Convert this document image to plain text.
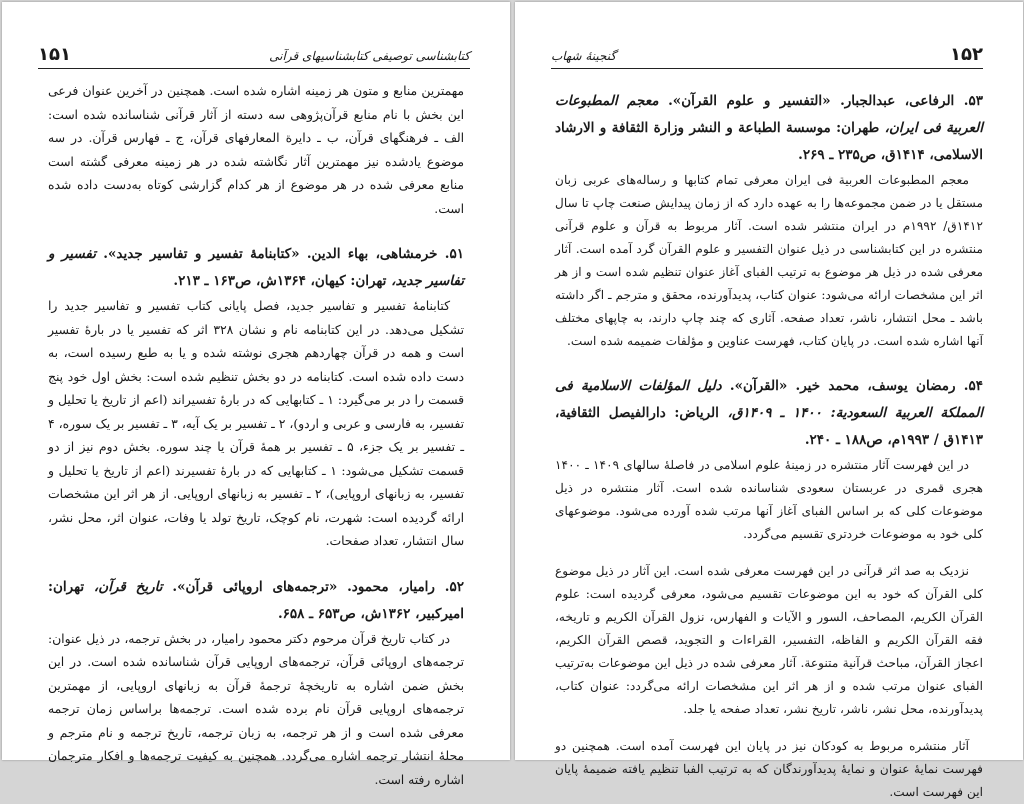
۱۵۱	کتابشناسی توصیفی کتابشناسیهای قرآنی

مهمترین منابع و متون هر زمینه اشاره شده است. همچنین در آخرین عنوان فرعی این بخش با نام منابع قرآن‌پژوهی سه دسته از آثار قرآنی شناسانده شده است: الف ـ فرهنگهای قرآن، ب ـ دایرة المعارفهای قرآن، ج ـ فهارس قرآن. در سه موضوع یادشده نیز مهمترین آثار نگاشته شده در هر زمینه معرفی گشته است منابع معرفی شده در هر موضوع از هر کدام گزارشی کوتاه به‌دست داده شده است.

۵۱. خرمشاهی، بهاء الدین. «کتابنامهٔ تفسیر و تفاسیر جدید». تفسیر و تفاسیر جدید، تهران: کیهان، ۱۳۶۴ش، ص۱۶۳ ـ ۲۱۳.

کتابنامهٔ تفسیر و تفاسیر جدید، فصل پایانی کتاب تفسیر و تفاسیر جدید را تشکیل می‌دهد. در این کتابنامه نام و نشان ۳۲۸ اثر که تفسیر یا در بارهٔ تفسیر است و همه در قرآن چهاردهم هجری نوشته شده و یا به طبع رسیده است، به دست داده شده است. کتابنامه در دو بخش تنظیم شده است: بخش اول خود پنج قسمت را در بر می‌گیرد: ۱ ـ کتابهایی که در بارهٔ تفسیراند (اعم از تاریخ یا تحلیل و تفسیر، به فارسی و عربی و اردو)، ۲ ـ تفسیر بر یک آیه، ۳ ـ تفسیر بر یک سوره، ۴ ـ تفسیر بر یک جزء، ۵ ـ تفسیر بر همهٔ قرآن یا چند سوره. بخش دوم نیز از دو قسمت تشکیل می‌شود: ۱ ـ کتابهایی که در بارهٔ تفسیرند (اعم از تاریخ یا تحلیل و تفسیر، به زبانهای اروپایی)، ۲ ـ تفسیر به زبانهای اروپایی. از هر اثر این مشخصات ارائه گردیده است: شهرت، نام کوچک، تاریخ تولد یا وفات، عنوان اثر، محل نشر، سال انتشار، تعداد صفحات.

۵۲. رامیار، محمود. «ترجمه‌های اروپائی قرآن». تاریخ قرآن، تهران: امیرکبیر، ۱۳۶۲ش، ص۶۵۳ ـ ۶۵۸.

در کتاب تاریخ قرآن مرحوم دکتر محمود رامیار، در بخش ترجمه، در ذیل عنوان: ترجمه‌های اروپائی قرآن، ترجمه‌های اروپایی قرآن شناسانده شده است. در این بخش ضمن اشاره به تاریخچهٔ ترجمهٔ قرآن به زبانهای اروپایی، از مهمترین ترجمه‌های اروپایی قرآن نام برده شده است. ترجمه‌ها براساس زمان ترجمه معرفی شده است و از هر ترجمه، به زبان ترجمه، تاریخ ترجمه و نام مترجم و محلهٔ انتشار ترجمه اشاره می‌گردد. همچنین به کیفیت ترجمه‌ها و افکار مترجمان اشاره رفته است.

گنجینهٔ شهاب	۱۵۲

۵۳. الرفاعی، عبدالجبار. «التفسیر و علوم القرآن». معجم المطبوعات العربیة فی ایران، طهران: موسسة الطباعة و النشر وزارة الثقافة و الارشاد الاسلامی، ۱۴۱۴ق، ص۲۳۵ ـ ۲۶۹.

معجم المطبوعات العربیة فی ایران معرفی تمام کتابها و رساله‌های عربی زبان مستقل یا در ضمن مجموعه‌ها را به عهده دارد که از زمان پیدایش صنعت چاپ تا سال ۱۴۱۲ق/ ۱۹۹۲م در ایران منتشر شده است. آثار مربوط به قرآن و علوم قرآنی منتشره در این کتابشناسی در ذیل عنوان التفسیر و علوم القرآن گرد آمده است. آثار معرفی شده در ذیل هر موضوع به ترتیب الفبای آغاز عنوان تنظیم شده است و از هر اثر این مشخصات ارائه می‌شود: عنوان کتاب، پدیدآورنده، محقق و مترجم ـ اگر داشته باشد ـ محل انتشار، ناشر، تعداد صفحه. آثاری که چند چاپ دارند، به چاپهای مختلف آنها اشاره شده است. در پایان کتاب، فهرست عناوین و مؤلفات ضمیمه شده است.

۵۴. رمضان یوسف، محمد خیر. «القرآن». دلیل المؤلفات الاسلامیة فی المملکة العربیة السعودیة: ۱۴۰۰ ـ ۱۴۰۹ق، الریاض: دارالفیصل الثقافیة، ۱۴۱۳ق / ۱۹۹۳م، ص۱۸۸ ـ ۲۴۰.

در این فهرست آثار منتشره در زمینهٔ علوم اسلامی در فاصلهٔ سالهای ۱۴۰۹ ـ ۱۴۰۰ هجری قمری در عربستان سعودی شناسانده شده است. آثار منتشره در ذیل موضوعات کلی که بر اساس الفبای آغاز آنها مرتب شده آورده می‌شود. موضوعهای کلی خود به موضوعات خردتری تقسیم می‌گردد.

نزدیک به صد اثر قرآنی در این فهرست معرفی شده است. این آثار در ذیل موضوع کلی القرآن که خود به این موضوعات تقسیم می‌شود، معرفی گردیده است: علوم القرآن الکریم، المصاحف، السور و الآیات و الفهارس، نزول القرآن الکریم و تاریخه، فقه القرآن الکریم و الفاظه، التفسیر، القراءات و التجوید، قصص القرآن الکریم، اعجاز القرآن، مباحث قرآنیة متنوعة. آثار معرفی شده در ذیل این موضوعات به‌ترتیب الفبای عنوان مرتب شده و از هر اثر این مشخصات ارائه می‌گردد: عنوان کتاب، پدیدآورنده، محل نشر، ناشر، تاریخ نشر، تعداد صفحه یا جلد.

آثار منتشره مربوط به کودکان نیز در پایان این فهرست آمده است. همچنین دو فهرست نمایهٔ عنوان و نمایهٔ پدیدآورندگان که به ترتیب الفبا تنظیم یافته ضمیمهٔ پایان این فهرست است.
